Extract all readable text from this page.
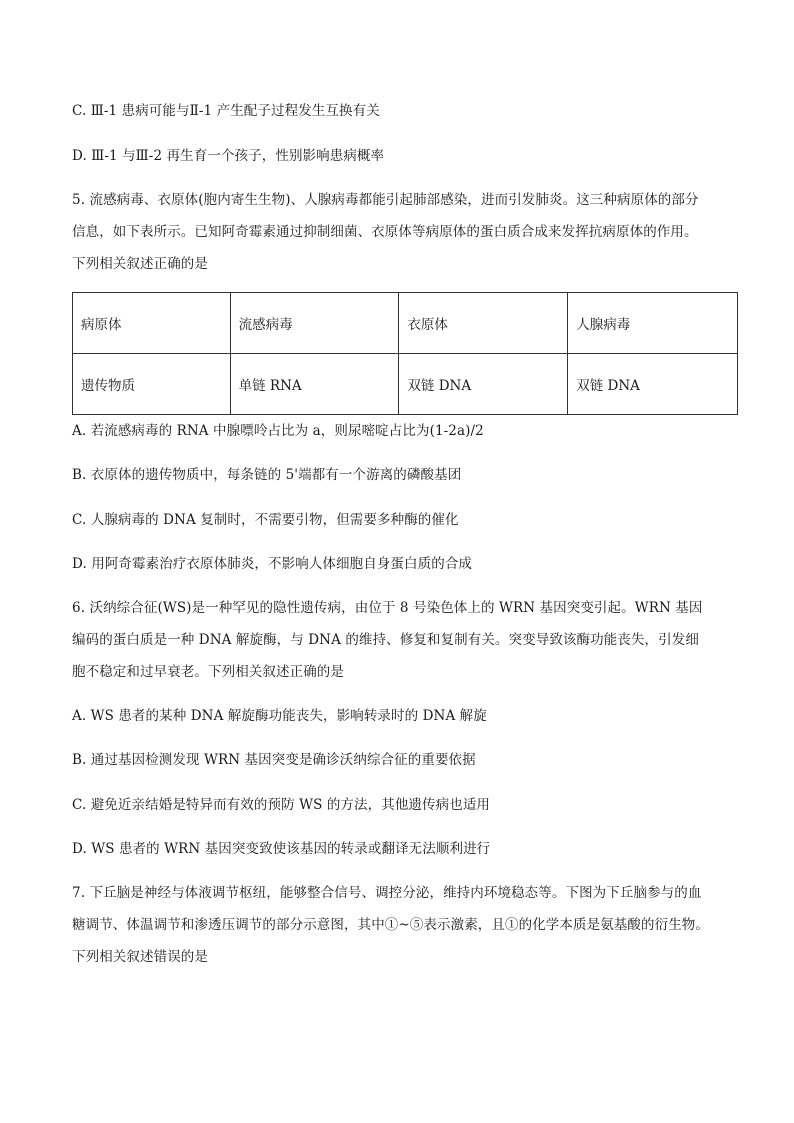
C. Ⅲ-1 患病可能与Ⅱ-1 产生配子过程发生互换有关
D. Ⅲ-1 与Ⅲ-2 再生育一个孩子，性别影响患病概率
5. 流感病毒、衣原体(胞内寄生生物)、人腺病毒都能引起肺部感染，进而引发肺炎。这三种病原体的部分
信息，如下表所示。已知阿奇霉素通过抑制细菌、衣原体等病原体的蛋白质合成来发挥抗病原体的作用。
下列相关叙述正确的是
病原体	流感病毒	衣原体	人腺病毒
遗传物质	单链 RNA	双链 DNA	双链 DNA
A. 若流感病毒的 RNA 中腺嘌呤占比为 a，则尿嘧啶占比为(1-2a)/2
B. 衣原体的遗传物质中，每条链的 5'端都有一个游离的磷酸基团
C. 人腺病毒的 DNA 复制时，不需要引物，但需要多种酶的催化
D. 用阿奇霉素治疗衣原体肺炎，不影响人体细胞自身蛋白质的合成
6. 沃纳综合征(WS)是一种罕见的隐性遗传病，由位于 8 号染色体上的 WRN 基因突变引起。WRN 基因
编码的蛋白质是一种 DNA 解旋酶，与 DNA 的维持、修复和复制有关。突变导致该酶功能丧失，引发细
胞不稳定和过早衰老。下列相关叙述正确的是
A. WS 患者的某种 DNA 解旋酶功能丧失，影响转录时的 DNA 解旋
B. 通过基因检测发现 WRN 基因突变是确诊沃纳综合征的重要依据
C. 避免近亲结婚是特异而有效的预防 WS 的方法，其他遗传病也适用
D. WS 患者的 WRN 基因突变致使该基因的转录或翻译无法顺利进行
7. 下丘脑是神经与体液调节枢纽，能够整合信号、调控分泌，维持内环境稳态等。下图为下丘脑参与的血
糖调节、体温调节和渗透压调节的部分示意图，其中①~⑤表示激素，且①的化学本质是氨基酸的衍生物。
下列相关叙述错误的是
